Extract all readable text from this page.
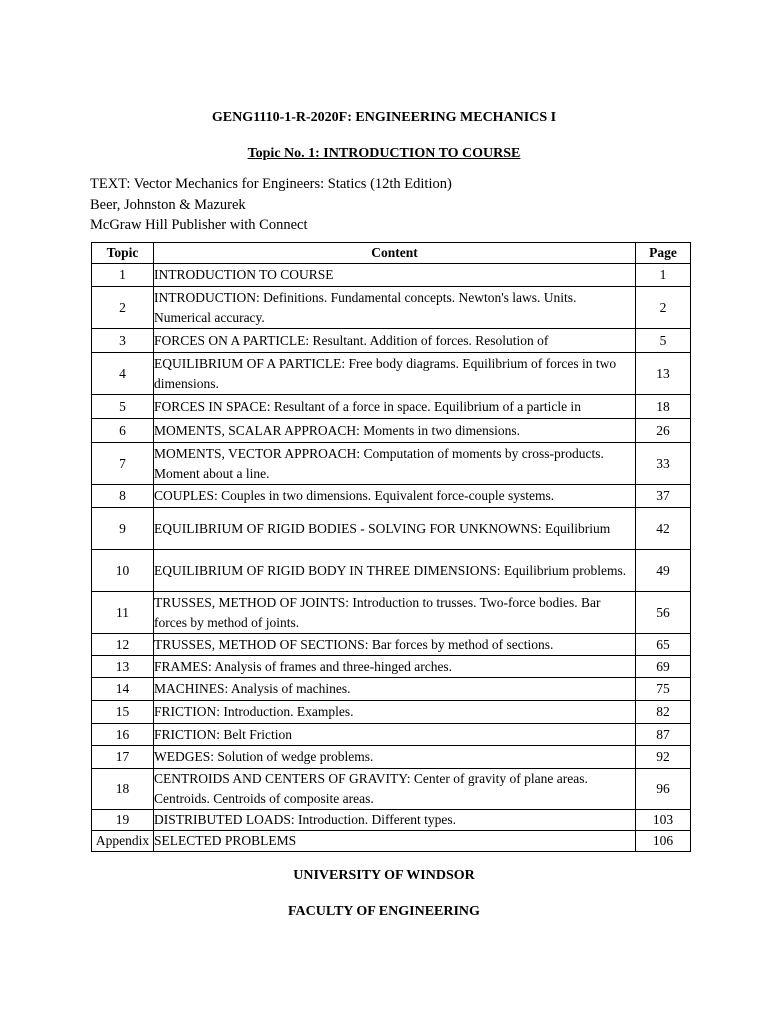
GENG1110-1-R-2020F: ENGINEERING MECHANICS I

Topic No. 1: INTRODUCTION TO COURSE

TEXT: Vector Mechanics for Engineers: Statics (12th Edition)

Beer, Johnston & Mazurek

McGraw Hill Publisher with Connect

Topic	Content	Page
1	INTRODUCTION TO COURSE	1
2	INTRODUCTION: Definitions. Fundamental concepts. Newton's laws. Units. Numerical accuracy.	2
3	FORCES ON A PARTICLE: Resultant. Addition of forces. Resolution of	5
4	EQUILIBRIUM OF A PARTICLE: Free body diagrams. Equilibrium of forces in two dimensions.	13
5	FORCES IN SPACE: Resultant of a force in space. Equilibrium of a particle in	18
6	MOMENTS, SCALAR APPROACH: Moments in two dimensions.	26
7	MOMENTS, VECTOR APPROACH: Computation of moments by cross-products. Moment about a line.	33
8	COUPLES: Couples in two dimensions. Equivalent force-couple systems.	37
9	EQUILIBRIUM OF RIGID BODIES - SOLVING FOR UNKNOWNS: Equilibrium	42
10	EQUILIBRIUM OF RIGID BODY IN THREE DIMENSIONS: Equilibrium problems.	49
11	TRUSSES, METHOD OF JOINTS: Introduction to trusses. Two-force bodies. Bar forces by method of joints.	56
12	TRUSSES, METHOD OF SECTIONS: Bar forces by method of sections.	65
13	FRAMES: Analysis of frames and three-hinged arches.	69
14	MACHINES: Analysis of machines.	75
15	FRICTION: Introduction. Examples.	82
16	FRICTION: Belt Friction	87
17	WEDGES: Solution of wedge problems.	92
18	CENTROIDS AND CENTERS OF GRAVITY: Center of gravity of plane areas. Centroids. Centroids of composite areas.	96
19	DISTRIBUTED LOADS: Introduction. Different types.	103
Appendix	SELECTED PROBLEMS	106

UNIVERSITY OF WINDSOR

FACULTY OF ENGINEERING
